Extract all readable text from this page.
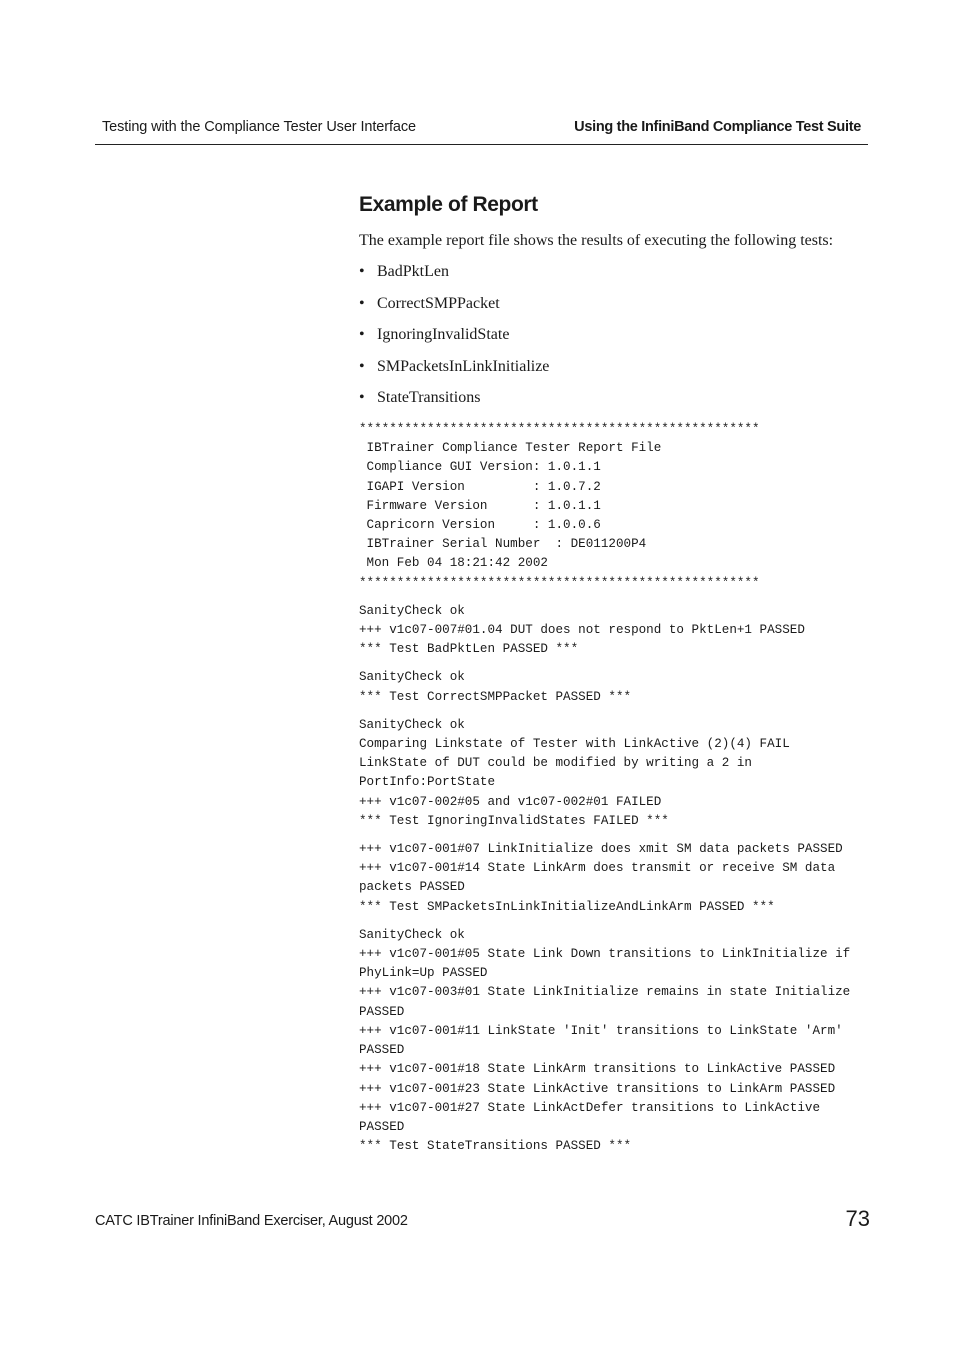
Testing with the Compliance Tester User Interface	Using the InfiniBand Compliance Test Suite
Example of Report

The example report file shows the results of executing the following tests:

• BadPktLen
• CorrectSMPPacket
• IgnoringInvalidState
• SMPacketsInLinkInitialize
• StateTransitions
*****************************************************
IBTrainer Compliance Tester Report File
Compliance GUI Version: 1.0.1.1
IGAPI Version         : 1.0.7.2
Firmware Version      : 1.0.1.1
Capricorn Version     : 1.0.0.6
IBTrainer Serial Number  : DE011200P4
Mon Feb 04 18:21:42 2002
*****************************************************
SanityCheck ok
+++ v1c07-007#01.04 DUT does not respond to PktLen+1 PASSED
*** Test BadPktLen PASSED ***
SanityCheck ok
*** Test CorrectSMPPacket PASSED ***
SanityCheck ok
Comparing Linkstate of Tester with LinkActive (2)(4) FAIL
LinkState of DUT could be modified by writing a 2 in
PortInfo:PortState
+++ v1c07-002#05 and v1c07-002#01 FAILED
*** Test IgnoringInvalidStates FAILED ***
+++ v1c07-001#07 LinkInitialize does xmit SM data packets PASSED
+++ v1c07-001#14 State LinkArm does transmit or receive SM data
packets PASSED
*** Test SMPacketsInLinkInitializeAndLinkArm PASSED ***
SanityCheck ok
+++ v1c07-001#05 State Link Down transitions to LinkInitialize if
PhyLink=Up PASSED
+++ v1c07-003#01 State LinkInitialize remains in state Initialize
PASSED
+++ v1c07-001#11 LinkState 'Init' transitions to LinkState 'Arm'
PASSED
+++ v1c07-001#18 State LinkArm transitions to LinkActive PASSED
+++ v1c07-001#23 State LinkActive transitions to LinkArm PASSED
+++ v1c07-001#27 State LinkActDefer transitions to LinkActive
PASSED
*** Test StateTransitions PASSED ***
CATC IBTrainer InfiniBand Exerciser, August 2002	73
